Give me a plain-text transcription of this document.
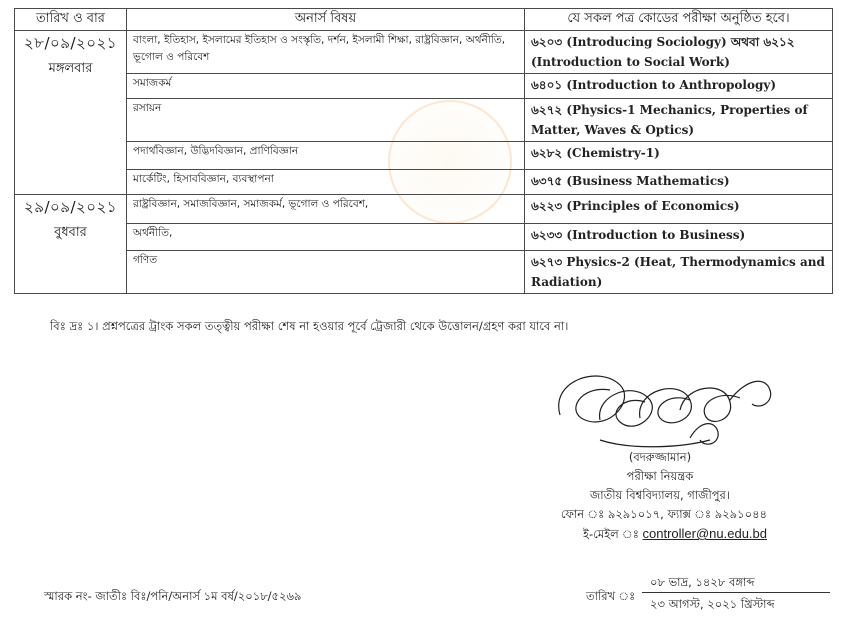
তারিখ ও বার	অনার্স বিষয়	যে সকল পত্র কোডের পরীক্ষা অনুষ্ঠিত হবে।

২৮/০৯/২০২১
মঙ্গলবার	বাংলা, ইতিহাস, ইসলামের ইতিহাস ও সংস্কৃতি, দর্শন, ইসলামী শিক্ষা, রাষ্ট্রবিজ্ঞান, অর্থনীতি, ভূগোল ও পরিবেশ	৬২০৩ (Introducing Sociology) অথবা ৬২১২ (Introduction to Social Work)
	সমাজকর্ম	৬৪০১ (Introduction to Anthropology)
	রসায়ন	৬২৭২ (Physics-1 Mechanics, Properties of Matter, Waves & Optics)
	পদার্থবিজ্ঞান, উদ্ভিদবিজ্ঞান, প্রাণিবিজ্ঞান	৬২৮২ (Chemistry-1)
	মার্কেটিং, হিসাববিজ্ঞান, ব্যবস্থাপনা	৬৩৭৫ (Business Mathematics)

২৯/০৯/২০২১
বুধবার	রাষ্ট্রবিজ্ঞান, সমাজবিজ্ঞান, সমাজকর্ম, ভূগোল ও পরিবেশ,	৬২২৩ (Principles of Economics)
	অর্থনীতি,	৬২৩৩ (Introduction to Business)
	গণিত	৬২৭৩ Physics-2 (Heat, Thermodynamics and Radiation)
বিঃ দ্রঃ ১। প্রশ্নপত্রের ট্রাংক সকল তত্ত্বীয় পরীক্ষা শেষ না হওয়ার পূর্বে ট্রেজারী থেকে উত্তোলন/গ্রহণ করা যাবে না।
(বদরুজ্জামান)
পরীক্ষা নিয়ন্ত্রক
জাতীয় বিশ্ববিদ্যালয়, গাজীপুর।
ফোন ঃ ৯২৯১০১৭, ফ্যাক্স ঃ ৯২৯১০৪৪
ই-মেইল ঃ controller@nu.edu.bd
স্মারক নং- জাতীঃ বিঃ/পনি/অনার্স ১ম বর্ষ/২০১৮/৫২৬৯	তারিখ ঃ
০৮ ভাদ্র, ১৪২৮ বঙ্গাব্দ
২৩ আগস্ট, ২০২১ খ্রিস্টাব্দ
